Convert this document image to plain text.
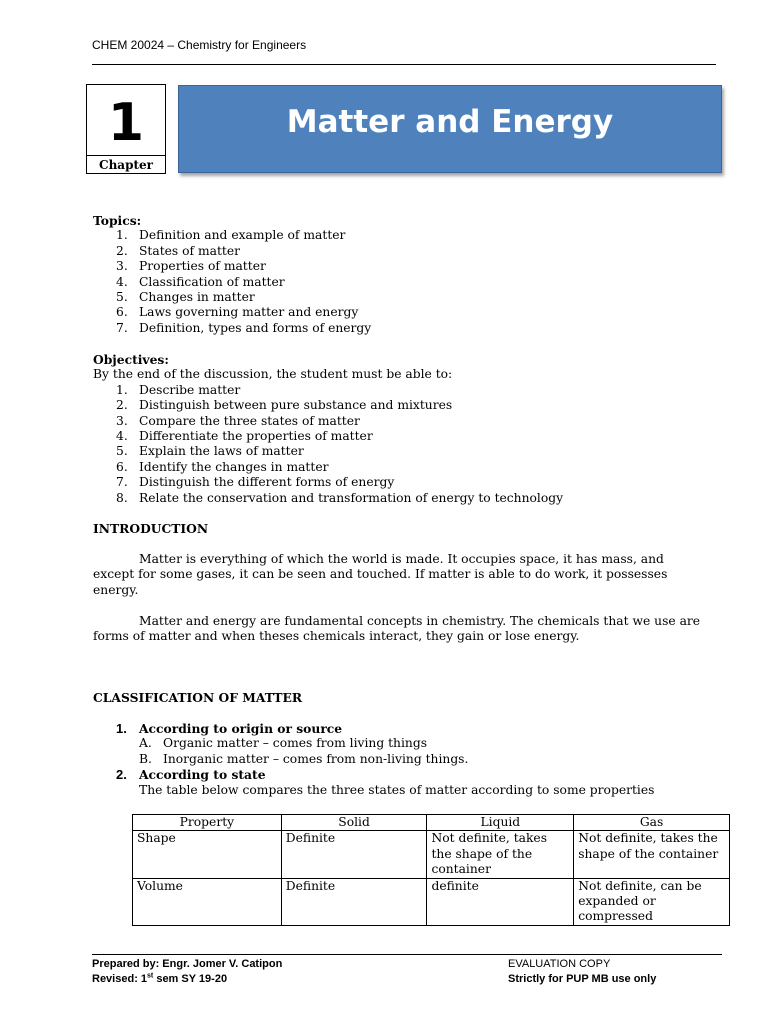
CHEM 20024 – Chemistry for Engineers
1
Chapter
Matter and Energy
Topics:
1. Definition and example of matter
2. States of matter
3. Properties of matter
4. Classification of matter
5. Changes in matter
6. Laws governing matter and energy
7. Definition, types and forms of energy
Objectives:
By the end of the discussion, the student must be able to:
1. Describe matter
2. Distinguish between pure substance and mixtures
3. Compare the three states of matter
4. Differentiate the properties of matter
5. Explain the laws of matter
6. Identify the changes in matter
7. Distinguish the different forms of energy
8. Relate the conservation and transformation of energy to technology
INTRODUCTION
Matter is everything of which the world is made. It occupies space, it has mass, and except for some gases, it can be seen and touched. If matter is able to do work, it possesses energy.
Matter and energy are fundamental concepts in chemistry. The chemicals that we use are forms of matter and when theses chemicals interact, they gain or lose energy.
CLASSIFICATION OF MATTER
1. According to origin or source
A. Organic matter – comes from living things
B. Inorganic matter – comes from non-living things.
2. According to state
The table below compares the three states of matter according to some properties
Property	Solid	Liquid	Gas
Shape	Definite	Not definite, takes the shape of the container	Not definite, takes the shape of the container
Volume	Definite	definite	Not definite, can be expanded or compressed
Prepared by: Engr. Jomer V. Catipon
Revised: 1st sem SY 19-20
EVALUATION COPY
Strictly for PUP MB use only
